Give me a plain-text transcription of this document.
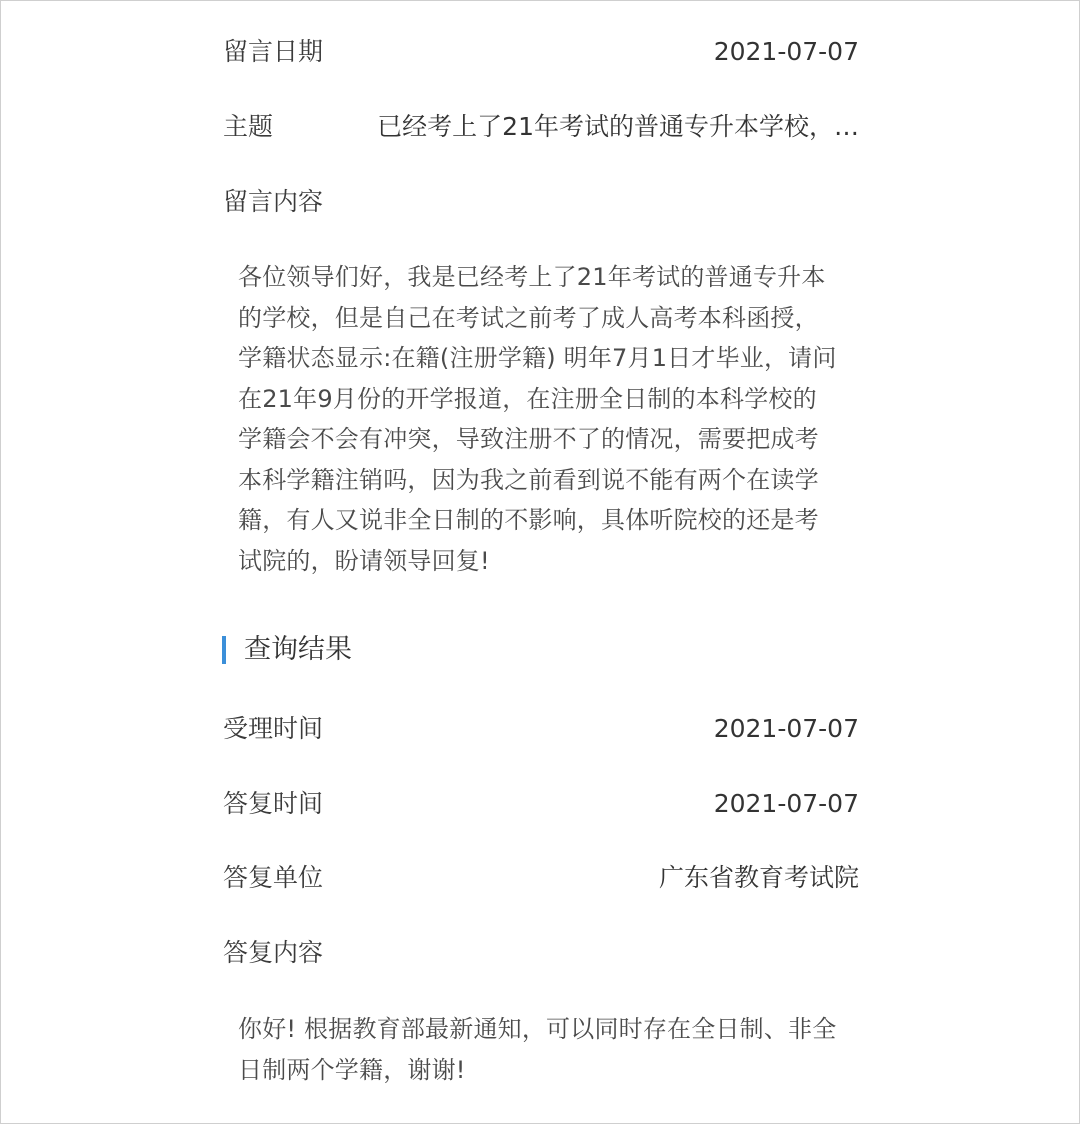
留言日期	2021-07-07
主题	已经考上了21年考试的普通专升本学校，…
留言内容
各位领导们好，我是已经考上了21年考试的普通专升本的学校，但是自己在考试之前考了成人高考本科函授，学籍状态显示:在籍(注册学籍) 明年7月1日才毕业，请问在21年9月份的开学报道，在注册全日制的本科学校的学籍会不会有冲突，导致注册不了的情况，需要把成考本科学籍注销吗，因为我之前看到说不能有两个在读学籍，有人又说非全日制的不影响，具体听院校的还是考试院的，盼请领导回复!
查询结果
受理时间	2021-07-07
答复时间	2021-07-07
答复单位	广东省教育考试院
答复内容
你好! 根据教育部最新通知，可以同时存在全日制、非全日制两个学籍，谢谢!
